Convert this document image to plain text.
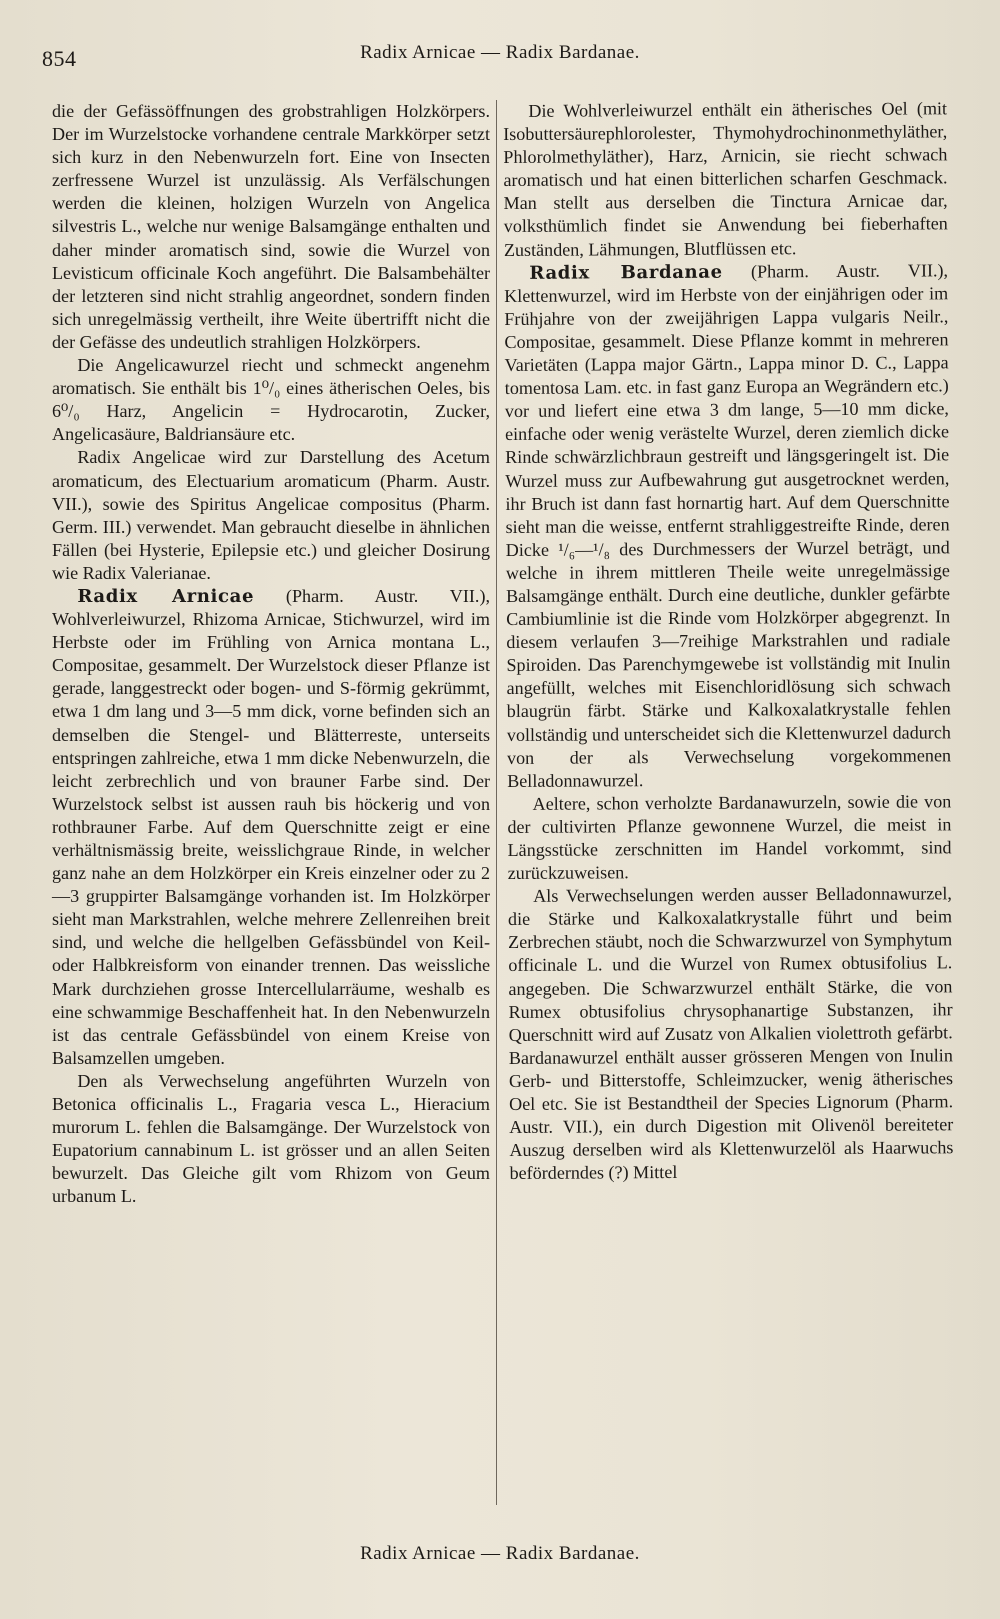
854	Radix Arnicae — Radix Bardanae.

die der Gefässöffnungen des grobstrahligen Holzkörpers. Der im Wurzelstocke vorhandene centrale Markkörper setzt sich kurz in den Nebenwurzeln fort. Eine von Insecten zerfressene Wurzel ist unzulässig. Als Verfälschungen werden die kleinen, holzigen Wurzeln von Angelica silvestris L., welche nur wenige Balsamgänge enthalten und daher minder aromatisch sind, sowie die Wurzel von Levisticum officinale Koch angeführt. Die Balsambehälter der letzteren sind nicht strahlig angeordnet, sondern finden sich unregelmässig vertheilt, ihre Weite übertrifft nicht die der Gefässe des undeutlich strahligen Holzkörpers.

Die Angelicawurzel riecht und schmeckt angenehm aromatisch. Sie enthält bis 1⁰/₀ eines ätherischen Oeles, bis 6⁰/₀ Harz, Angelicin = Hydrocarotin, Zucker, Angelicasäure, Baldriansäure etc.

Radix Angelicae wird zur Darstellung des Acetum aromaticum, des Electuarium aromaticum (Pharm. Austr. VII.), sowie des Spiritus Angelicae compositus (Pharm. Germ. III.) verwendet. Man gebraucht dieselbe in ähnlichen Fällen (bei Hysterie, Epilepsie etc.) und gleicher Dosirung wie Radix Valerianae.

Radix Arnicae (Pharm. Austr. VII.), Wohlverleiwurzel, Rhizoma Arnicae, Stichwurzel, wird im Herbste oder im Frühling von Arnica montana L., Compositae, gesammelt. Der Wurzelstock dieser Pflanze ist gerade, langgestreckt oder bogen- und S-förmig gekrümmt, etwa 1 dm lang und 3—5 mm dick, vorne befinden sich an demselben die Stengel- und Blätterreste, unterseits entspringen zahlreiche, etwa 1 mm dicke Nebenwurzeln, die leicht zerbrechlich und von brauner Farbe sind. Der Wurzelstock selbst ist aussen rauh bis höckerig und von rothbrauner Farbe. Auf dem Querschnitte zeigt er eine verhältnismässig breite, weisslichgraue Rinde, in welcher ganz nahe an dem Holzkörper ein Kreis einzelner oder zu 2—3 gruppirter Balsamgänge vorhanden ist. Im Holzkörper sieht man Markstrahlen, welche mehrere Zellenreihen breit sind, und welche die hellgelben Gefässbündel von Keil- oder Halbkreisform von einander trennen. Das weissliche Mark durchziehen grosse Intercellularräume, weshalb es eine schwammige Beschaffenheit hat. In den Nebenwurzeln ist das centrale Gefässbündel von einem Kreise von Balsamzellen umgeben.

Den als Verwechselung angeführten Wurzeln von Betonica officinalis L., Fragaria vesca L., Hieracium murorum L. fehlen die Balsamgänge. Der Wurzelstock von Eupatorium cannabinum L. ist grösser und an allen Seiten bewurzelt. Das Gleiche gilt vom Rhizom von Geum urbanum L.

Die Wohlverleiwurzel enthält ein ätherisches Oel (mit Isobuttersäurephlorolester, Thymohydrochinonmethyläther, Phlorolmethyläther), Harz, Arnicin, sie riecht schwach aromatisch und hat einen bitterlichen scharfen Geschmack. Man stellt aus derselben die Tinctura Arnicae dar, volksthümlich findet sie Anwendung bei fieberhaften Zuständen, Lähmungen, Blutflüssen etc.

Radix Bardanae (Pharm. Austr. VII.), Klettenwurzel, wird im Herbste von der einjährigen oder im Frühjahre von der zweijährigen Lappa vulgaris Neilr., Compositae, gesammelt. Diese Pflanze kommt in mehreren Varietäten (Lappa major Gärtn., Lappa minor D. C., Lappa tomentosa Lam. etc. in fast ganz Europa an Wegrändern etc.) vor und liefert eine etwa 3 dm lange, 5—10 mm dicke, einfache oder wenig verästelte Wurzel, deren ziemlich dicke Rinde schwärzlichbraun gestreift und längsgeringelt ist. Die Wurzel muss zur Aufbewahrung gut ausgetrocknet werden, ihr Bruch ist dann fast hornartig hart. Auf dem Querschnitte sieht man die weisse, entfernt strahliggestreifte Rinde, deren Dicke ¹/₆—¹/₈ des Durchmessers der Wurzel beträgt, und welche in ihrem mittleren Theile weite unregelmässige Balsamgänge enthält. Durch eine deutliche, dunkler gefärbte Cambiumlinie ist die Rinde vom Holzkörper abgegrenzt. In diesem verlaufen 3—7reihige Markstrahlen und radiale Spiroiden. Das Parenchymgewebe ist vollständig mit Inulin angefüllt, welches mit Eisenchloridlösung sich schwach blaugrün färbt. Stärke und Kalkoxalatkrystalle fehlen vollständig und unterscheidet sich die Klettenwurzel dadurch von der als Verwechselung vorgekommenen Belladonnawurzel.

Aeltere, schon verholzte Bardanawurzeln, sowie die von der cultivirten Pflanze gewonnene Wurzel, die meist in Längsstücke zerschnitten im Handel vorkommt, sind zurückzuweisen.

Als Verwechselungen werden ausser Belladonnawurzel, die Stärke und Kalkoxalatkrystalle führt und beim Zerbrechen stäubt, noch die Schwarzwurzel von Symphytum officinale L. und die Wurzel von Rumex obtusifolius L. angegeben. Die Schwarzwurzel enthält Stärke, die von Rumex obtusifolius chrysophanartige Substanzen, ihr Querschnitt wird auf Zusatz von Alkalien violettroth gefärbt. Bardanawurzel enthält ausser grösseren Mengen von Inulin Gerb- und Bitterstoffe, Schleimzucker, wenig ätherisches Oel etc. Sie ist Bestandtheil der Species Lignorum (Pharm. Austr. VII.), ein durch Digestion mit Olivenöl bereiteter Auszug derselben wird als Klettenwurzelöl als Haarwuchs beförderndes (?) Mittel

Radix Arnicae — Radix Bardanae.
